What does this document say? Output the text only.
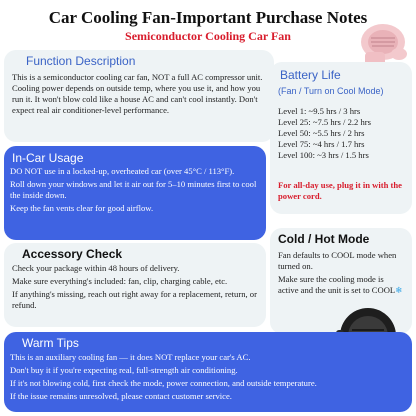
Car Cooling Fan-Important Purchase Notes
Semiconductor Cooling Car Fan
Function Description

This is a semiconductor cooling car fan, NOT a full AC compressor unit. Cooling power depends on outside temp, where you use it, and how you run it. It won't blow cold like a house AC and can't cool instantly. Don't expect real air conditioner-level performance.

In-Car Usage

DO NOT use in a locked-up, overheated car (over 45°C / 113°F).

Roll down your windows and let it air out for 5–10 minutes first to cool the inside down.

Keep the fan vents clear for good airflow.

Accessory Check

Check your package within 48 hours of delivery.

Make sure everything's included: fan, clip, charging cable, etc.

If anything's missing, reach out right away for a replacement, return, or refund.

Battery Life
(Fan / Turn on Cool Mode)
Level 1: ~9.5 hrs / 3 hrs
Level 25: ~7.5 hrs / 2.2 hrs
Level 50: ~5.5 hrs / 2 hrs
Level 75: ~4 hrs / 1.7 hrs
Level 100: ~3 hrs / 1.5 hrs
For all-day use, plug it in with the power cord.
Cold / Hot Mode

Fan defaults to COOL mode when turned on.

Make sure the cooling mode is active and the unit is set to COOL❄

Warm Tips

This is an auxiliary cooling fan — it does NOT replace your car's AC.

Don't buy it if you're expecting real, full-strength air conditioning.

If it's not blowing cold, first check the mode, power connection, and outside temperature.

If the issue remains unresolved, please contact customer service.
